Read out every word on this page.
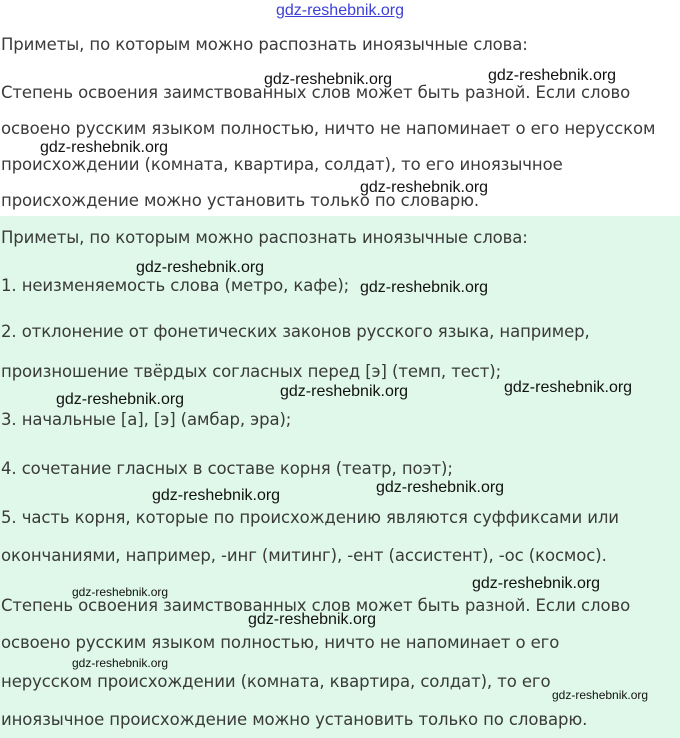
Приметы, по которым можно распознать иноязычные слова:

Степень освоения заимствованных слов может быть разной. Если слово

освоено русским языком полностью, ничто не напоминает о его нерусском

происхождении (комната, квартира, солдат), то его иноязычное

происхождение можно установить только по словарю.

Приметы, по которым можно распознать иноязычные слова:

1. неизменяемость слова (метро, кафе);

2. отклонение от фонетических законов русского языка, например,

произношение твёрдых согласных перед [э] (темп, тест);

3. начальные [а], [э] (амбар, эра);

4. сочетание гласных в составе корня (театр, поэт);

5. часть корня, которые по происхождению являются суффиксами или

окончаниями, например, -инг (митинг), -ент (ассистент), -ос (космос).

Степень освоения заимствованных слов может быть разной. Если слово

освоено русским языком полностью, ничто не напоминает о его

нерусском происхождении (комната, квартира, солдат), то его

иноязычное происхождение можно установить только по словарю.

gdz-reshebnik.org
gdz-reshebnik.org	gdz-reshebnik.org
gdz-reshebnik.org
gdz-reshebnik.org
gdz-reshebnik.org
gdz-reshebnik.org
gdz-reshebnik.org	gdz-reshebnik.org	gdz-reshebnik.org
gdz-reshebnik.org	gdz-reshebnik.org
gdz-reshebnik.org	gdz-reshebnik.org
gdz-reshebnik.org
gdz-reshebnik.org
gdz-reshebnik.org
